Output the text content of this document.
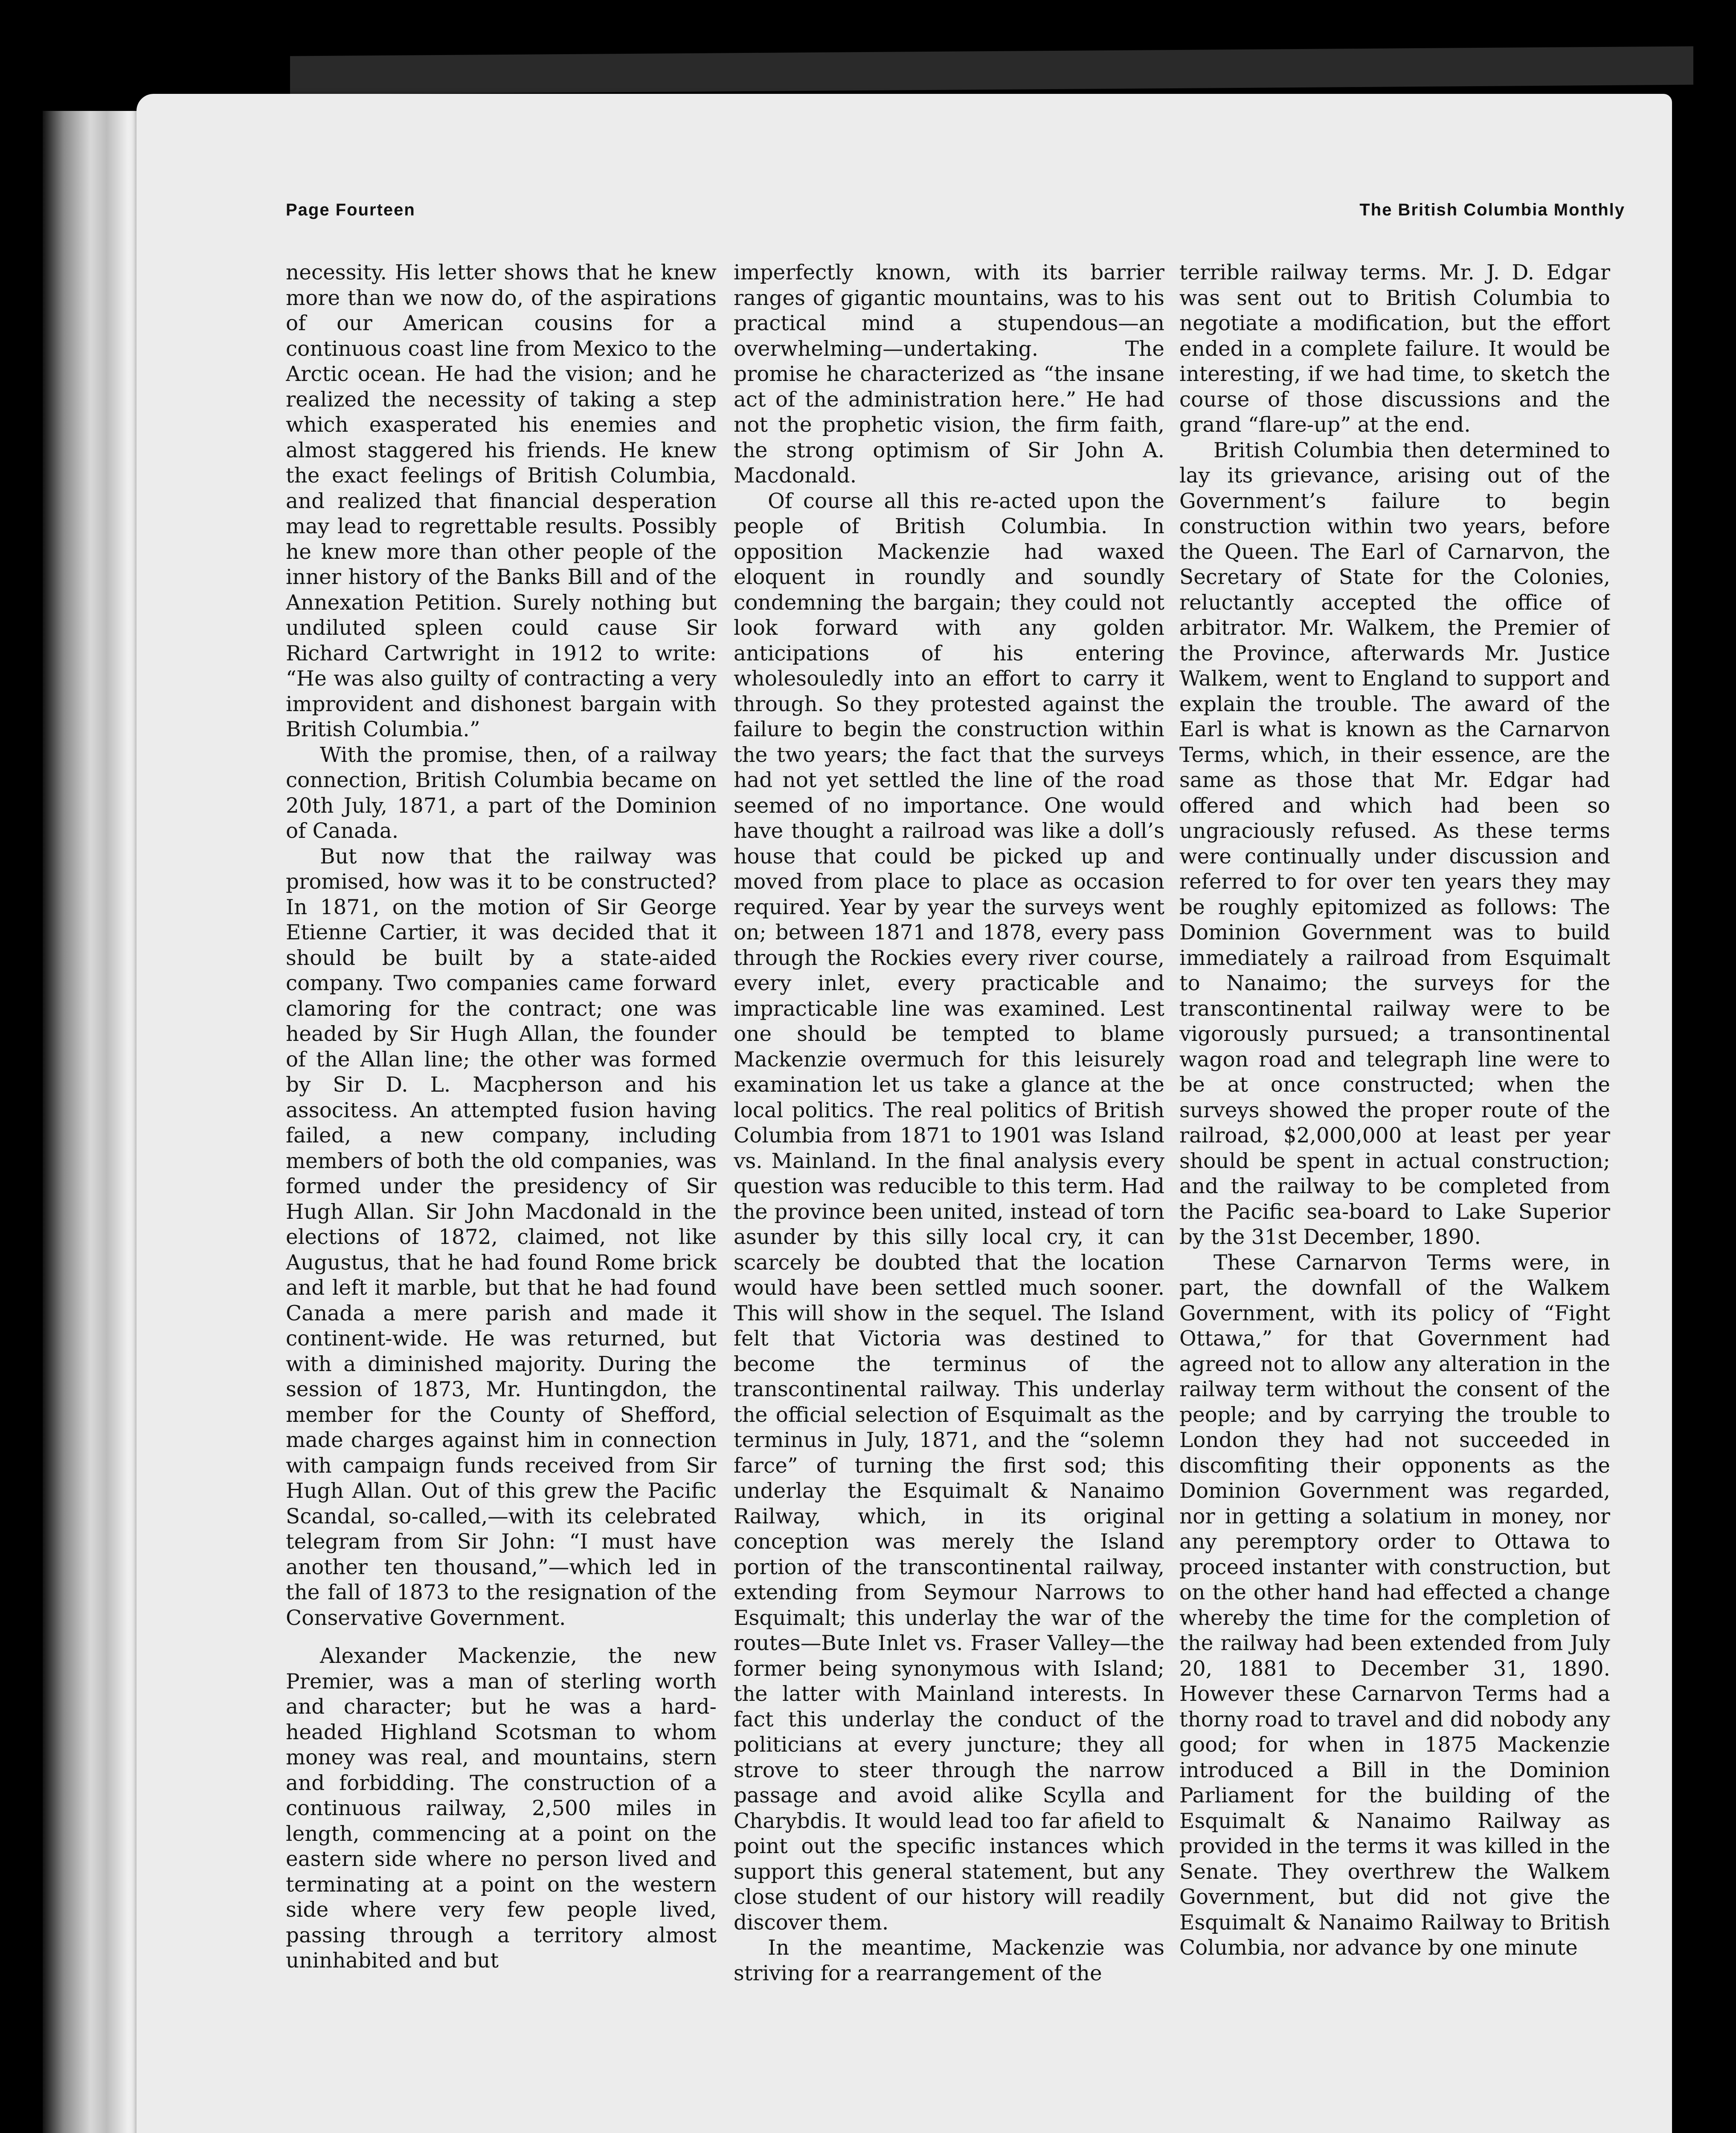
Page Fourteen	The British Columbia Monthly

necessity. His letter shows that he knew more than we now do, of the aspirations of our American cousins for a continuous coast line from Mexico to the Arctic ocean. He had the vision; and he realized the necessity of taking a step which exasperated his enemies and almost staggered his friends. He knew the exact feelings of British Columbia, and realized that financial desperation may lead to regrettable results. Possibly he knew more than other people of the inner history of the Banks Bill and of the Annexation Petition. Surely nothing but undiluted spleen could cause Sir Richard Cartwright in 1912 to write: “He was also guilty of contracting a very improvident and dishonest bargain with British Columbia.”

With the promise, then, of a railway connection, British Columbia became on 20th July, 1871, a part of the Dominion of Canada.

But now that the railway was promised, how was it to be constructed? In 1871, on the motion of Sir George Etienne Cartier, it was decided that it should be built by a state-aided company. Two companies came forward clamoring for the contract; one was headed by Sir Hugh Allan, the founder of the Allan line; the other was formed by Sir D. L. Macpherson and his associtess. An attempted fusion having failed, a new company, including members of both the old companies, was formed under the presidency of Sir Hugh Allan. Sir John Macdonald in the elections of 1872, claimed, not like Augustus, that he had found Rome brick and left it marble, but that he had found Canada a mere parish and made it continent-wide. He was returned, but with a diminished majority. During the session of 1873, Mr. Huntingdon, the member for the County of Shefford, made charges against him in connection with campaign funds received from Sir Hugh Allan. Out of this grew the Pacific Scandal, so-called,—with its celebrated telegram from Sir John: “I must have another ten thousand,”—which led in the fall of 1873 to the resignation of the Conservative Government.

Alexander Mackenzie, the new Premier, was a man of sterling worth and character; but he was a hard-headed Highland Scotsman to whom money was real, and mountains, stern and forbidding. The construction of a continuous railway, 2,500 miles in length, commencing at a point on the eastern side where no person lived and terminating at a point on the western side where very few people lived, passing through a territory almost uninhabited and but

imperfectly known, with its barrier ranges of gigantic mountains, was to his practical mind a stupendous—an overwhelming—undertaking. The promise he characterized as “the insane act of the administration here.” He had not the prophetic vision, the firm faith, the strong optimism of Sir John A. Macdonald.

Of course all this re-acted upon the people of British Columbia. In opposition Mackenzie had waxed eloquent in roundly and soundly condemning the bargain; they could not look forward with any golden anticipations of his entering wholesouledly into an effort to carry it through. So they protested against the failure to begin the construction within the two years; the fact that the surveys had not yet settled the line of the road seemed of no importance. One would have thought a railroad was like a doll’s house that could be picked up and moved from place to place as occasion required. Year by year the surveys went on; between 1871 and 1878, every pass through the Rockies every river course, every inlet, every practicable and impracticable line was examined. Lest one should be tempted to blame Mackenzie overmuch for this leisurely examination let us take a glance at the local politics. The real politics of British Columbia from 1871 to 1901 was Island vs. Mainland. In the final analysis every question was reducible to this term. Had the province been united, instead of torn asunder by this silly local cry, it can scarcely be doubted that the location would have been settled much sooner. This will show in the sequel. The Island felt that Victoria was destined to become the terminus of the transcontinental railway. This underlay the official selection of Esquimalt as the terminus in July, 1871, and the “solemn farce” of turning the first sod; this underlay the Esquimalt & Nanaimo Railway, which, in its original conception was merely the Island portion of the transcontinental railway, extending from Seymour Narrows to Esquimalt; this underlay the war of the routes—Bute Inlet vs. Fraser Valley—the former being synonymous with Island; the latter with Mainland interests. In fact this underlay the conduct of the politicians at every juncture; they all strove to steer through the narrow passage and avoid alike Scylla and Charybdis. It would lead too far afield to point out the specific instances which support this general statement, but any close student of our history will readily discover them.

In the meantime, Mackenzie was striving for a rearrangement of the

terrible railway terms. Mr. J. D. Edgar was sent out to British Columbia to negotiate a modification, but the effort ended in a complete failure. It would be interesting, if we had time, to sketch the course of those discussions and the grand “flare-up” at the end.

British Columbia then determined to lay its grievance, arising out of the Government’s failure to begin construction within two years, before the Queen. The Earl of Carnarvon, the Secretary of State for the Colonies, reluctantly accepted the office of arbitrator. Mr. Walkem, the Premier of the Province, afterwards Mr. Justice Walkem, went to England to support and explain the trouble. The award of the Earl is what is known as the Carnarvon Terms, which, in their essence, are the same as those that Mr. Edgar had offered and which had been so ungraciously refused. As these terms were continually under discussion and referred to for over ten years they may be roughly epitomized as follows: The Dominion Government was to build immediately a railroad from Esquimalt to Nanaimo; the surveys for the transcontinental railway were to be vigorously pursued; a transontinental wagon road and telegraph line were to be at once constructed; when the surveys showed the proper route of the railroad, $2,000,000 at least per year should be spent in actual construction; and the railway to be completed from the Pacific sea-board to Lake Superior by the 31st December, 1890.

These Carnarvon Terms were, in part, the downfall of the Walkem Government, with its policy of “Fight Ottawa,” for that Government had agreed not to allow any alteration in the railway term without the consent of the people; and by carrying the trouble to London they had not succeeded in discomfiting their opponents as the Dominion Government was regarded, nor in getting a solatium in money, nor any peremptory order to Ottawa to proceed instanter with construction, but on the other hand had effected a change whereby the time for the completion of the railway had been extended from July 20, 1881 to December 31, 1890. However these Carnarvon Terms had a thorny road to travel and did nobody any good; for when in 1875 Mackenzie introduced a Bill in the Dominion Parliament for the building of the Esquimalt & Nanaimo Railway as provided in the terms it was killed in the Senate. They overthrew the Walkem Government, but did not give the Esquimalt & Nanaimo Railway to British Columbia, nor advance by one minute
